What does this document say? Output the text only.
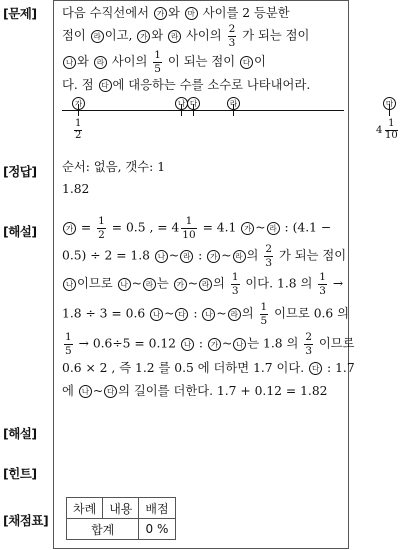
[문제]
[정답]
[해설]
[해설]
[힌트]
[채점표]
다음 수직선에서 가 와 마 사이를 2 등분한
점이 라 이고, 가 와 라 사이의 $\frac{2}{3}$ 가 되는 점이
나 와 라 사이의 $\frac{1}{5}$ 이 되는 점이 다 이
다. 점 다 에 대응하는 수를 소수로 나타내어라.
가	나 다	라	마
1
2	4
1
10
순서: 없음, 갯수: 1
1.82
가 = $\frac{1}{2} = 0.5$ , = $4 \frac{1}{10} = 4.1$ 가 ~ 라 : (4.1 −
0.5) ÷ 2 = 1.8 나 ~ 라 : 가 ~ 라 의 $\frac{2}{3}$ 가 되는 점이
나 이므로 나 ~ 라 는 가 ~ 라 의 $\frac{1}{3}$ 이다. 1.8 의 $\frac{1}{3}$ →
1.8 ÷ 3 = 0.6 나 ~ 다 : 나 ~ 라 의 $\frac{1}{5}$ 이므로 0.6 의
$\frac{1}{5} \to 0.6\div 5 = 0.12$ 나 : 가 ~ 나 는 1.8 의 $\frac{2}{3}$ 이므로
0.6 × 2 , 즉 1.2 를 0.5 에 더하면 1.7 이다. 다 : 1.7
에 나 ~ 다 의 길이를 더한다. 1.7 + 0.12 = 1.82
차례	내용	배점
합계		0 %
